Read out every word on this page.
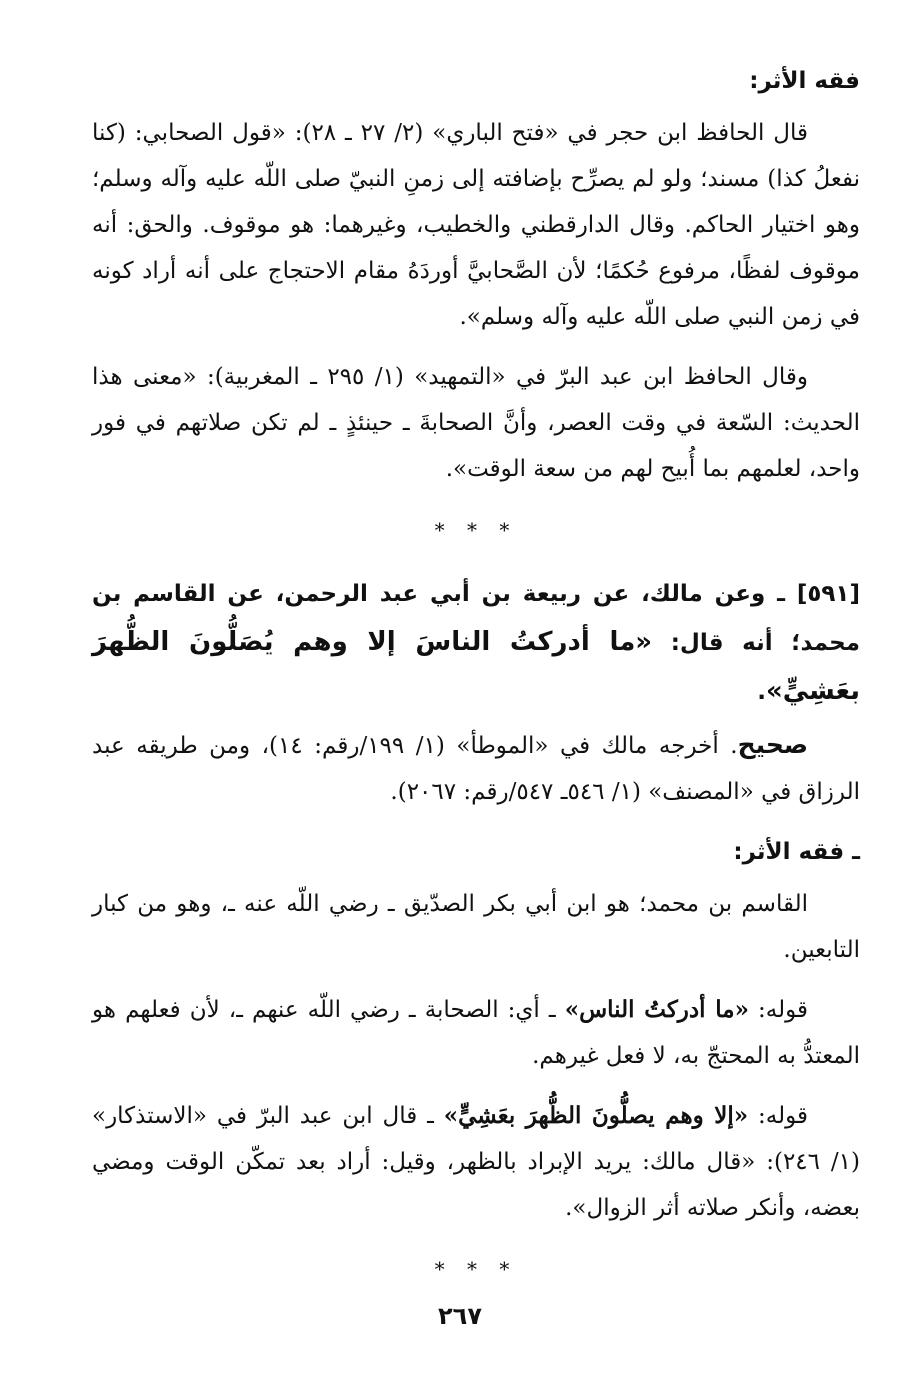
فقه الأثر:

قال الحافظ ابن حجر في «فتح الباري» (٢/ ٢٧ ـ ٢٨): «قول الصحابي: (كنا نفعلُ كذا) مسند؛ ولو لم يصرِّح بإضافته إلى زمنِ النبيّ صلى اللّه عليه وآله وسلم؛ وهو اختيار الحاكم. وقال الدارقطني والخطيب، وغيرهما: هو موقوف. والحق: أنه موقوف لفظًا، مرفوع حُكمًا؛ لأن الصَّحابيَّ أوردَهُ مقام الاحتجاج على أنه أراد كونه في زمن النبي صلى اللّه عليه وآله وسلم».

وقال الحافظ ابن عبد البرّ في «التمهيد» (١/ ٢٩٥ ـ المغربية): «معنى هذا الحديث: السّعة في وقت العصر، وأنَّ الصحابةَ ـ حينئذٍ ـ لم تكن صلاتهم في فور واحد، لعلمهم بما أُبيح لهم من سعة الوقت».

* * *

[٥٩١] ـ وعن مالك، عن ربيعة بن أبي عبد الرحمن، عن القاسم بن محمد؛ أنه قال: «ما أدركتُ الناسَ إلا وهم يُصَلُّونَ الظُّهرَ بعَشِيٍّ».

صحيح. أخرجه مالك في «الموطأ» (١/ ١٩٩/رقم: ١٤)، ومن طريقه عبد الرزاق في «المصنف» (١/ ٥٤٦ـ ٥٤٧/رقم: ٢٠٦٧).

ـ فقه الأثر:

القاسم بن محمد؛ هو ابن أبي بكر الصدّيق ـ رضي اللّه عنه ـ، وهو من كبار التابعين.

قوله: «ما أدركتُ الناس» ـ أي: الصحابة ـ رضي اللّه عنهم ـ، لأن فعلهم هو المعتدُّ به المحتجّ به، لا فعل غيرهم.

قوله: «إلا وهم يصلُّونَ الظُّهرَ بعَشِيٍّ» ـ قال ابن عبد البرّ في «الاستذكار» (١/ ٢٤٦): «قال مالك: يريد الإبراد بالظهر، وقيل: أراد بعد تمكّن الوقت ومضي بعضه، وأنكر صلاته أثر الزوال».

* * *
٢٦٧
